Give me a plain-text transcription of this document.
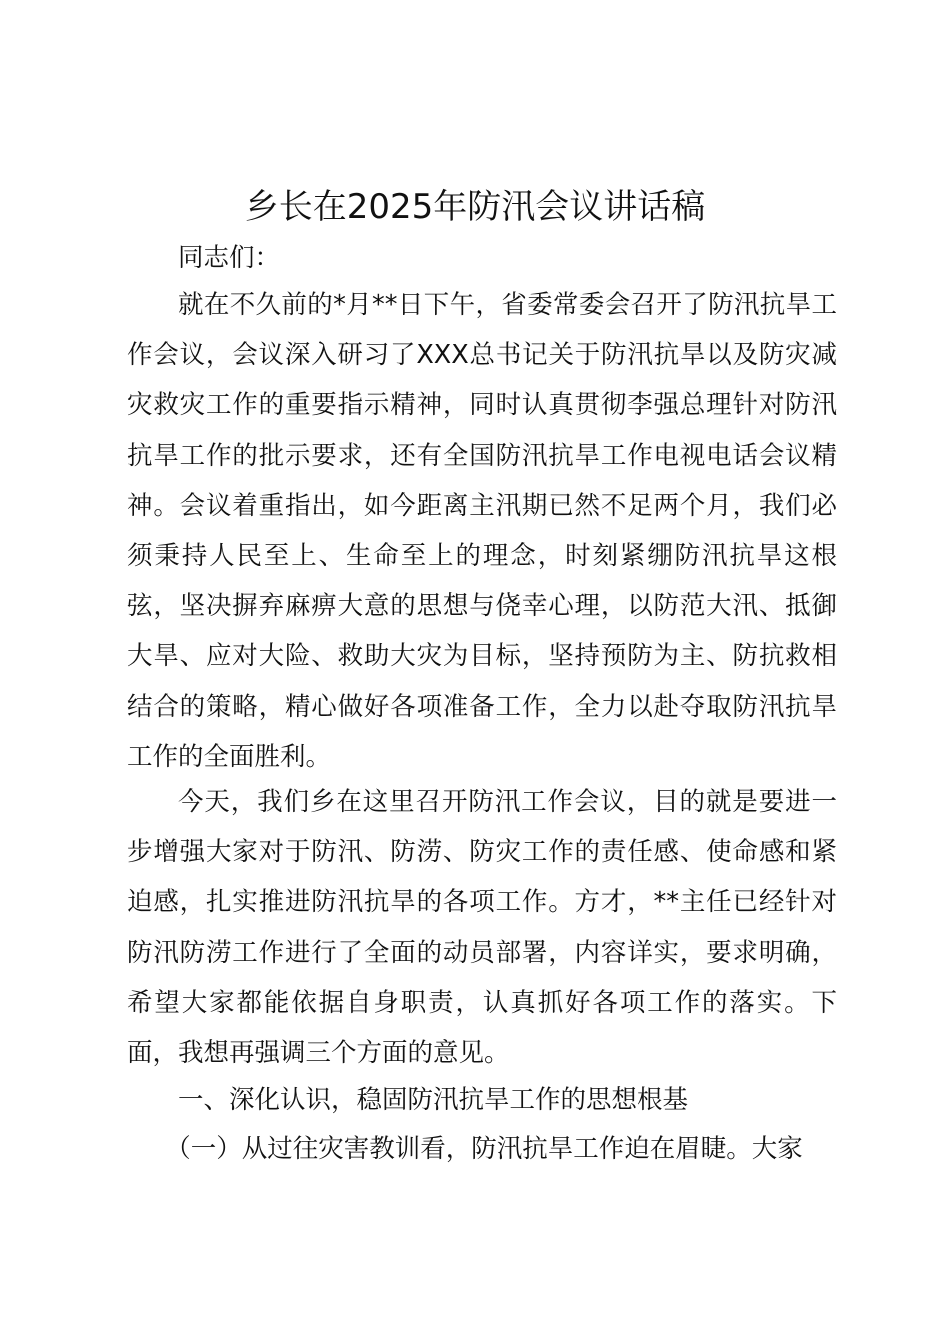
乡长在2025年防汛会议讲话稿

同志们：

就在不久前的*月**日下午，省委常委会召开了防汛抗旱工作会议，会议深入研习了XXX总书记关于防汛抗旱以及防灾减灾救灾工作的重要指示精神，同时认真贯彻李强总理针对防汛抗旱工作的批示要求，还有全国防汛抗旱工作电视电话会议精神。会议着重指出，如今距离主汛期已然不足两个月，我们必须秉持人民至上、生命至上的理念，时刻紧绷防汛抗旱这根弦，坚决摒弃麻痹大意的思想与侥幸心理，以防范大汛、抵御大旱、应对大险、救助大灾为目标，坚持预防为主、防抗救相结合的策略，精心做好各项准备工作，全力以赴夺取防汛抗旱工作的全面胜利。

今天，我们乡在这里召开防汛工作会议，目的就是要进一步增强大家对于防汛、防涝、防灾工作的责任感、使命感和紧迫感，扎实推进防汛抗旱的各项工作。方才，**主任已经针对防汛防涝工作进行了全面的动员部署，内容详实，要求明确，希望大家都能依据自身职责，认真抓好各项工作的落实。下面，我想再强调三个方面的意见。

一、深化认识，稳固防汛抗旱工作的思想根基

（一）从过往灾害教训看，防汛抗旱工作迫在眉睫。大家
